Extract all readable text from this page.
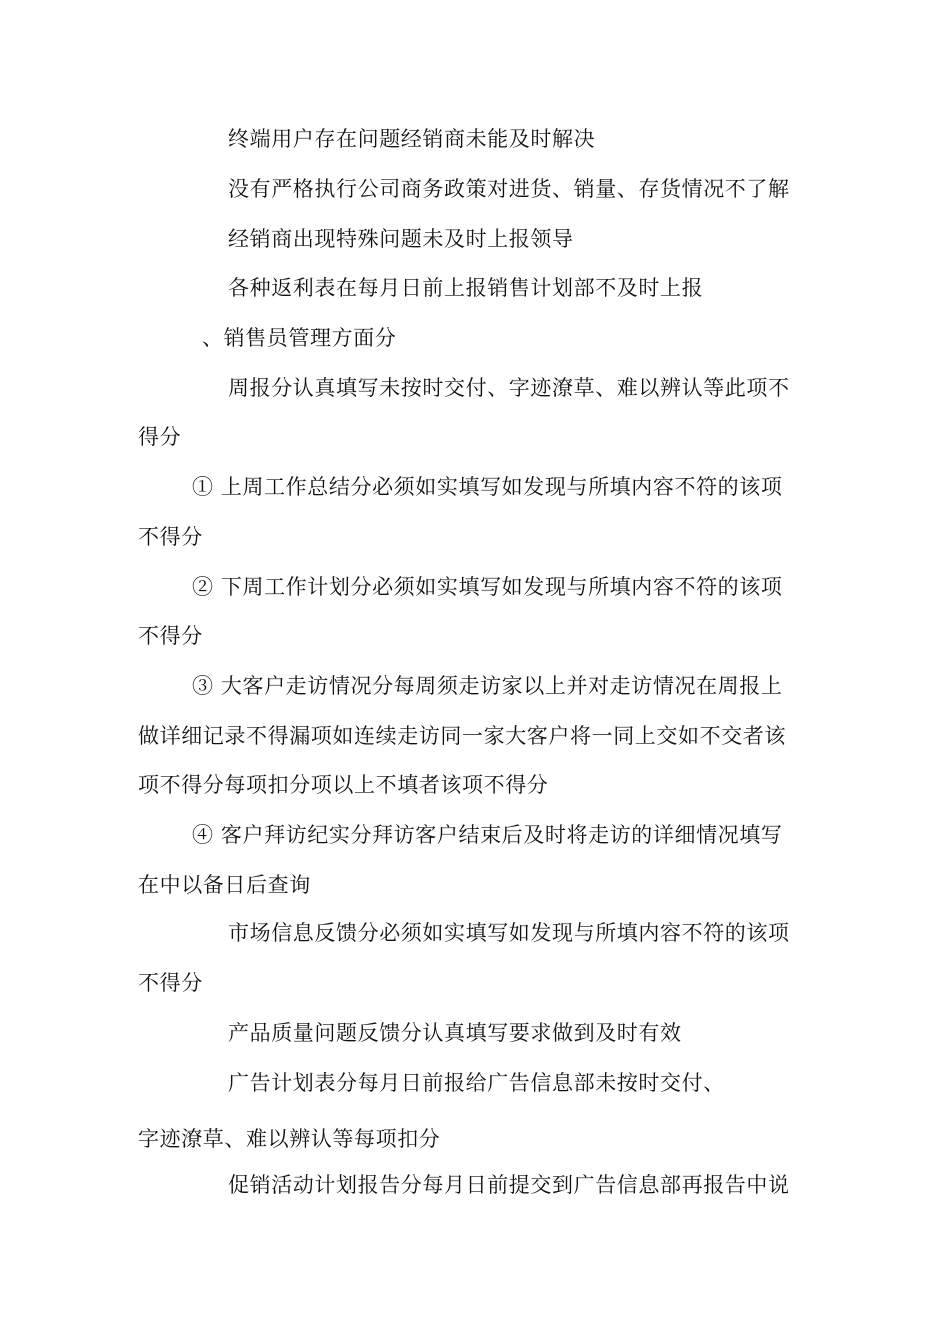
终端用户存在问题经销商未能及时解决
没有严格执行公司商务政策对进货、销量、存货情况不了解
经销商出现特殊问题未及时上报领导
各种返利表在每月日前上报销售计划部不及时上报
、销售员管理方面分
周报分认真填写未按时交付、字迹潦草、难以辨认等此项不
得分
① 上周工作总结分必须如实填写如发现与所填内容不符的该项
不得分
② 下周工作计划分必须如实填写如发现与所填内容不符的该项
不得分
③ 大客户走访情况分每周须走访家以上并对走访情况在周报上
做详细记录不得漏项如连续走访同一家大客户将一同上交如不交者该
项不得分每项扣分项以上不填者该项不得分
④ 客户拜访纪实分拜访客户结束后及时将走访的详细情况填写
在中以备日后查询
市场信息反馈分必须如实填写如发现与所填内容不符的该项
不得分
产品质量问题反馈分认真填写要求做到及时有效
广告计划表分每月日前报给广告信息部未按时交付、
字迹潦草、难以辨认等每项扣分
促销活动计划报告分每月日前提交到广告信息部再报告中说
